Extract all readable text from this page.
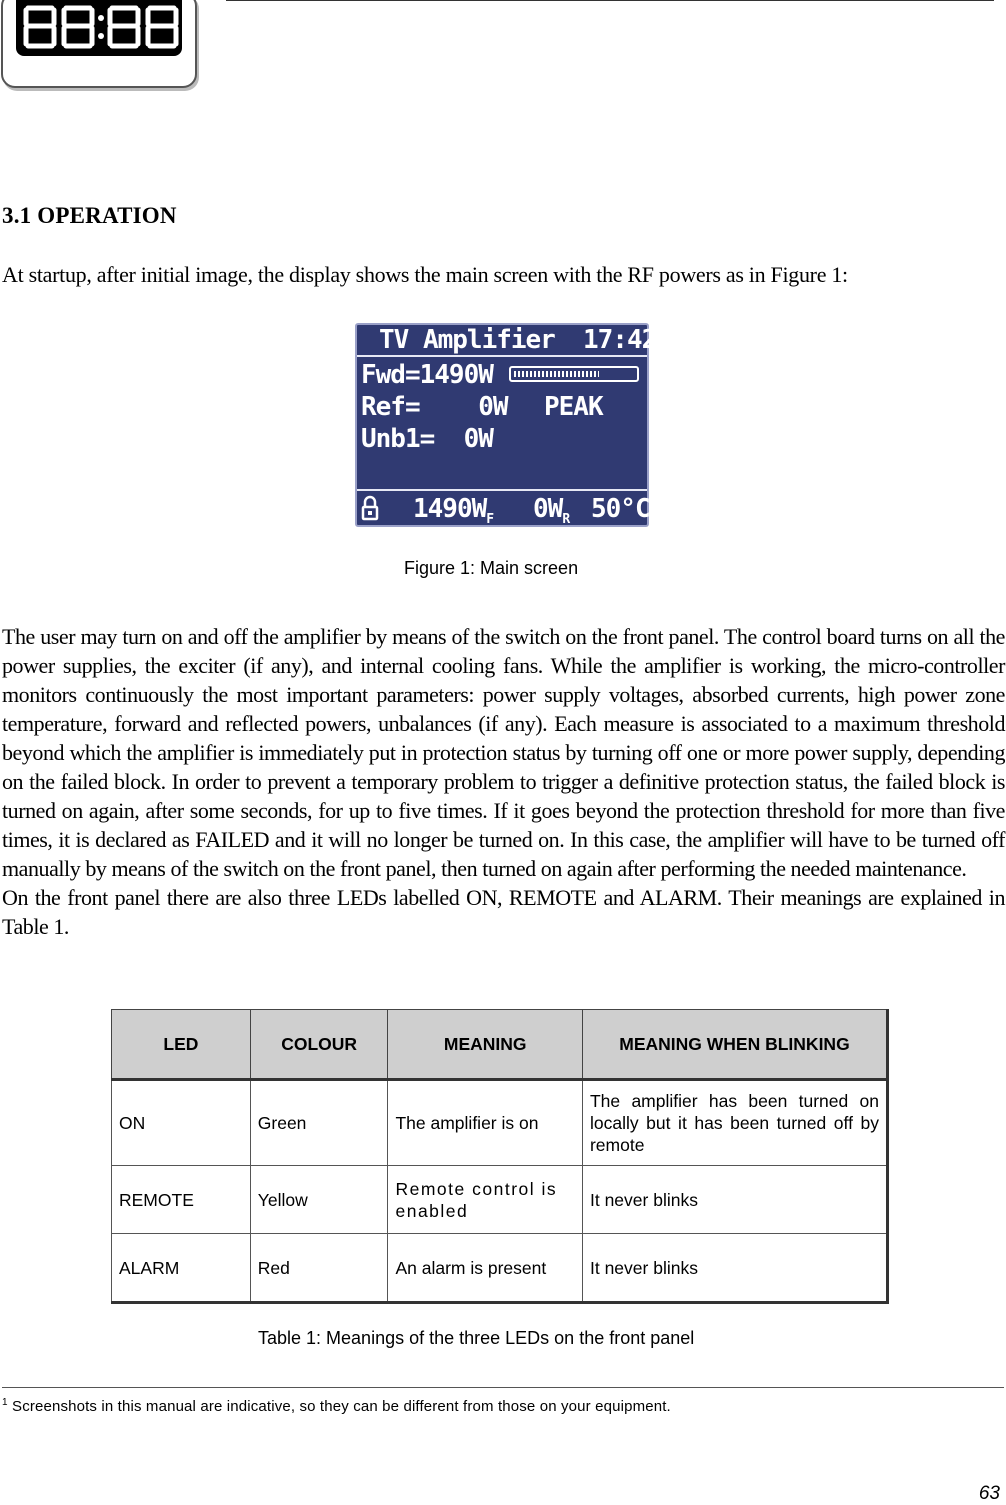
3.1 OPERATION
At startup, after initial image, the display shows the main screen with the RF powers as in Figure 1:
TV Amplifier 17:42
Fwd=1490W
Ref=    0W PEAK
Unb1=  0W
$1490W_F$ $0W_R$ 50°C
Figure 1: Main screen

The user may turn on and off the amplifier by means of the switch on the front panel. The control board turns on all the power supplies, the exciter (if any), and internal cooling fans. While the amplifier is working, the micro-controller monitors continuously the most important parameters: power supply voltages, absorbed currents, high power zone temperature, forward and reflected powers, unbalances (if any). Each measure is associated to a maximum threshold beyond which the amplifier is immediately put in protection status by turning off one or more power supply, depending on the failed block. In order to prevent a temporary problem to trigger a definitive protection status, the failed block is turned on again, after some seconds, for up to five times. If it goes beyond the protection threshold for more than five times, it is declared as FAILED and it will no longer be turned on. In this case, the amplifier will have to be turned off manually by means of the switch on the front panel, then turned on again after performing the needed maintenance.

On the front panel there are also three LEDs labelled ON, REMOTE and ALARM. Their meanings are explained in Table 1.

LED	COLOUR	MEANING	MEANING WHEN BLINKING
ON	Green	The amplifier is on	The amplifier has been turned on locally but it has been turned off by remote
REMOTE	Yellow	Remote control is enabled	It never blinks
ALARM	Red	An alarm is present	It never blinks
Table 1: Meanings of the three LEDs on the front panel
$^1$ Screenshots in this manual are indicative, so they can be different from those on your equipment.
63
